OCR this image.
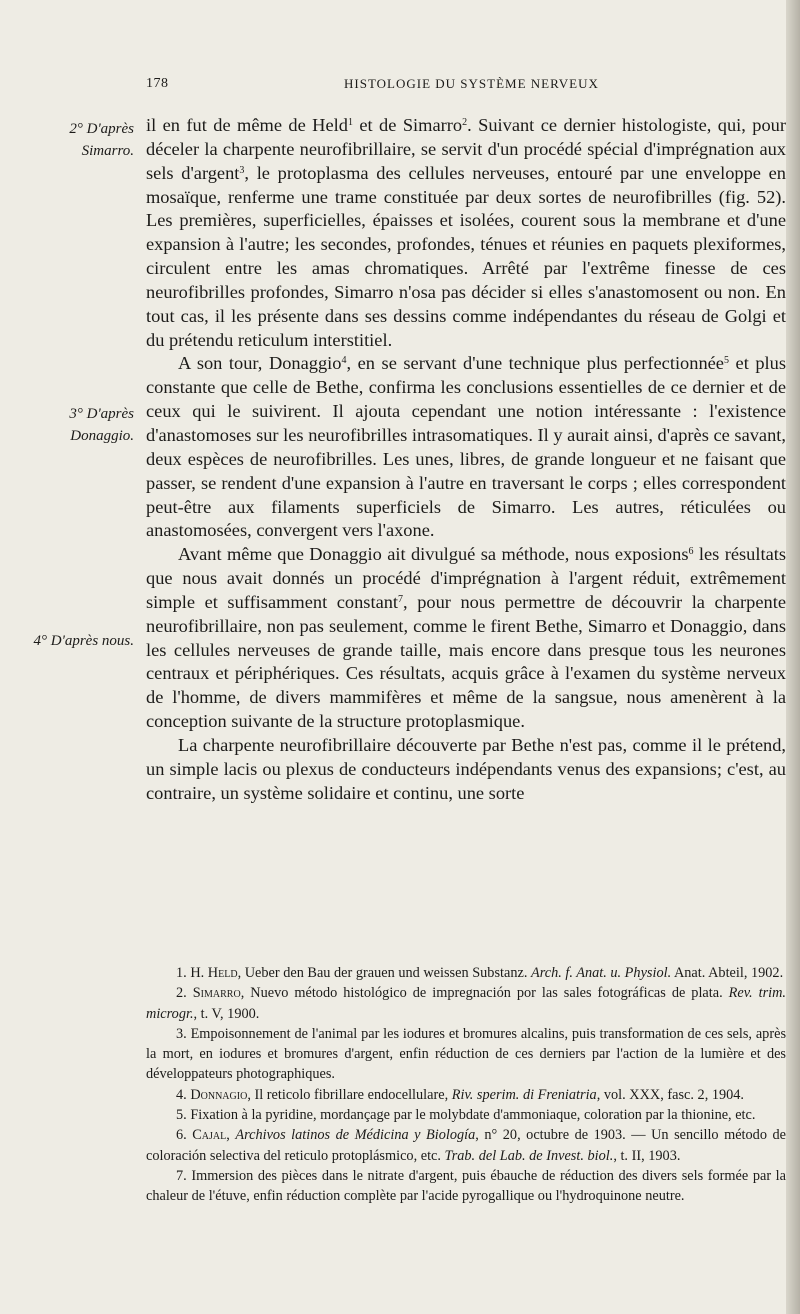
178	HISTOLOGIE DU SYSTÈME NERVEUX
2° D'après Simarro.
3° D'après Donaggio.
4° D'après nous.

il en fut de même de Held$^1$ et de Simarro$^2$. Suivant ce dernier histologiste, qui, pour déceler la charpente neurofibrillaire, se servit d'un procédé spécial d'imprégnation aux sels d'argent$^3$, le protoplasma des cellules nerveuses, entouré par une enveloppe en mosaïque, renferme une trame constituée par deux sortes de neurofibrilles (fig. 52). Les premières, superficielles, épaisses et isolées, courent sous la membrane et d'une expansion à l'autre; les secondes, profondes, ténues et réunies en paquets plexiformes, circulent entre les amas chromatiques. Arrêté par l'extrême finesse de ces neurofibrilles profondes, Simarro n'osa pas décider si elles s'anastomosent ou non. En tout cas, il les présente dans ses dessins comme indépendantes du réseau de Golgi et du prétendu reticulum interstitiel.

A son tour, Donaggio$^4$, en se servant d'une technique plus perfectionnée$^5$ et plus constante que celle de Bethe, confirma les conclusions essentielles de ce dernier et de ceux qui le suivirent. Il ajouta cependant une notion intéressante : l'existence d'anastomoses sur les neurofibrilles intrasomatiques. Il y aurait ainsi, d'après ce savant, deux espèces de neurofibrilles. Les unes, libres, de grande longueur et ne faisant que passer, se rendent d'une expansion à l'autre en traversant le corps ; elles correspondent peut-être aux filaments superficiels de Simarro. Les autres, réticulées ou anastomosées, convergent vers l'axone.

Avant même que Donaggio ait divulgué sa méthode, nous exposions$^6$ les résultats que nous avait donnés un procédé d'imprégnation à l'argent réduit, extrêmement simple et suffisamment constant$^7$, pour nous permettre de découvrir la charpente neurofibrillaire, non pas seulement, comme le firent Bethe, Simarro et Donaggio, dans les cellules nerveuses de grande taille, mais encore dans presque tous les neurones centraux et périphériques. Ces résultats, acquis grâce à l'examen du système nerveux de l'homme, de divers mammifères et même de la sangsue, nous amenèrent à la conception suivante de la structure protoplasmique.

La charpente neurofibrillaire découverte par Bethe n'est pas, comme il le prétend, un simple lacis ou plexus de conducteurs indépendants venus des expansions; c'est, au contraire, un système solidaire et continu, une sorte

1. H. Held, Ueber den Bau der grauen und weissen Substanz. Arch. f. Anat. u. Physiol. Anat. Abteil, 1902.

2. Simarro, Nuevo método histológico de impregnación por las sales fotográficas de plata. Rev. trim. microgr., t. V, 1900.

3. Empoisonnement de l'animal par les iodures et bromures alcalins, puis transformation de ces sels, après la mort, en iodures et bromures d'argent, enfin réduction de ces derniers par l'action de la lumière et des développateurs photographiques.

4. Donnagio, Il reticolo fibrillare endocellulare, Riv. sperim. di Freniatria, vol. XXX, fasc. 2, 1904.

5. Fixation à la pyridine, mordançage par le molybdate d'ammoniaque, coloration par la thionine, etc.

6. Cajal, Archivos latinos de Médicina y Biología, n° 20, octubre de 1903. — Un sencillo método de coloración selectiva del reticulo protoplásmico, etc. Trab. del Lab. de Invest. biol., t. II, 1903.

7. Immersion des pièces dans le nitrate d'argent, puis ébauche de réduction des divers sels formée par la chaleur de l'étuve, enfin réduction complète par l'acide pyrogallique ou l'hydroquinone neutre.
